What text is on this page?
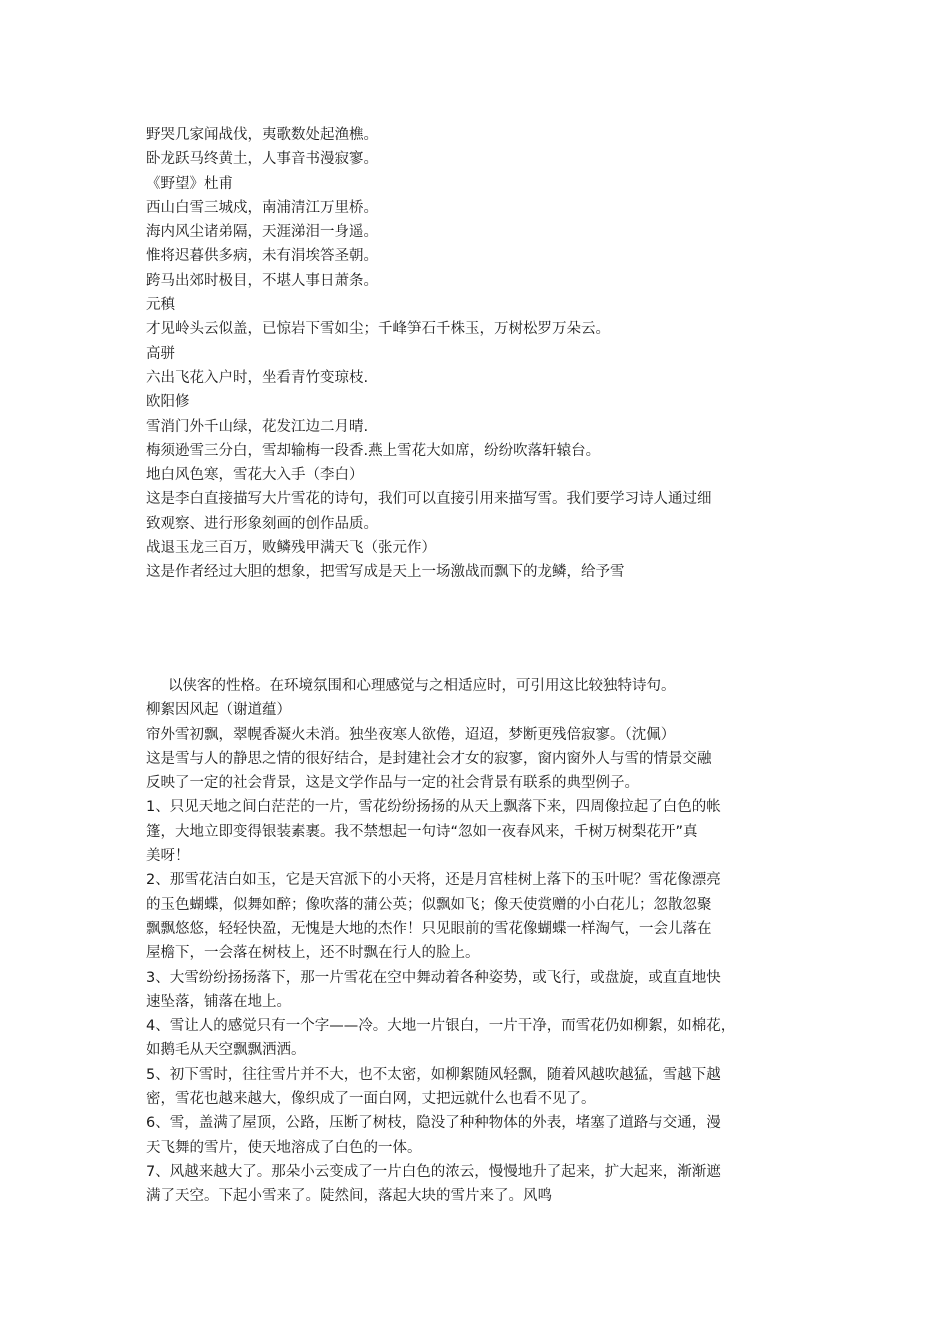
野哭几家闻战伐，夷歌数处起渔樵。
卧龙跃马终黄土，人事音书漫寂寥。
《野望》杜甫
西山白雪三城戍，南浦清江万里桥。
海内风尘诸弟隔，天涯涕泪一身遥。
惟将迟暮供多病，未有涓埃答圣朝。
跨马出郊时极目，不堪人事日萧条。
元稹
才见岭头云似盖，已惊岩下雪如尘；千峰笋石千株玉，万树松罗万朵云。
高骈
六出飞花入户时，坐看青竹变琼枝.
欧阳修
雪消门外千山绿，花发江边二月晴.
梅须逊雪三分白，雪却输梅一段香.燕上雪花大如席，纷纷吹落轩辕台。
地白风色寒，雪花大入手（李白）
这是李白直接描写大片雪花的诗句，我们可以直接引用来描写雪。我们要学习诗人通过细
致观察、进行形象刻画的创作品质。
战退玉龙三百万，败鳞残甲满天飞（张元作）
这是作者经过大胆的想象，把雪写成是天上一场激战而飘下的龙鳞，给予雪
以侠客的性格。在环境氛围和心理感觉与之相适应时，可引用这比较独特诗句。
柳絮因风起（谢道蕴）
帘外雪初飘，翠幌香凝火未消。独坐夜寒人欲倦，迢迢，梦断更残倍寂寥。（沈佩）
这是雪与人的静思之情的很好结合，是封建社会才女的寂寥，窗内窗外人与雪的情景交融
反映了一定的社会背景，这是文学作品与一定的社会背景有联系的典型例子。
1、只见天地之间白茫茫的一片，雪花纷纷扬扬的从天上飘落下来，四周像拉起了白色的帐
篷，大地立即变得银装素裹。我不禁想起一句诗“忽如一夜春风来，千树万树梨花开”真
美呀！
2、那雪花洁白如玉，它是天宫派下的小天将，还是月宫桂树上落下的玉叶呢？雪花像漂亮
的玉色蝴蝶，似舞如醉；像吹落的蒲公英；似飘如飞；像天使赏赠的小白花儿；忽散忽聚
飘飘悠悠，轻轻快盈，无愧是大地的杰作！只见眼前的雪花像蝴蝶一样淘气，一会儿落在
屋檐下，一会落在树枝上，还不时飘在行人的脸上。
3、大雪纷纷扬扬落下，那一片雪花在空中舞动着各种姿势，或飞行，或盘旋，或直直地快
速坠落，铺落在地上。
4、雪让人的感觉只有一个字——冷。大地一片银白，一片干净，而雪花仍如柳絮，如棉花，
如鹅毛从天空飘飘洒洒。
5、初下雪时，往往雪片并不大，也不太密，如柳絮随风轻飘，随着风越吹越猛，雪越下越
密，雪花也越来越大，像织成了一面白网，丈把远就什么也看不见了。
6、雪，盖满了屋顶，公路，压断了树枝，隐没了种种物体的外表，堵塞了道路与交通，漫
天飞舞的雪片，使天地溶成了白色的一体。
7、风越来越大了。那朵小云变成了一片白色的浓云，慢慢地升了起来，扩大起来，渐渐遮
满了天空。下起小雪来了。陡然间，落起大块的雪片来了。风鸣
